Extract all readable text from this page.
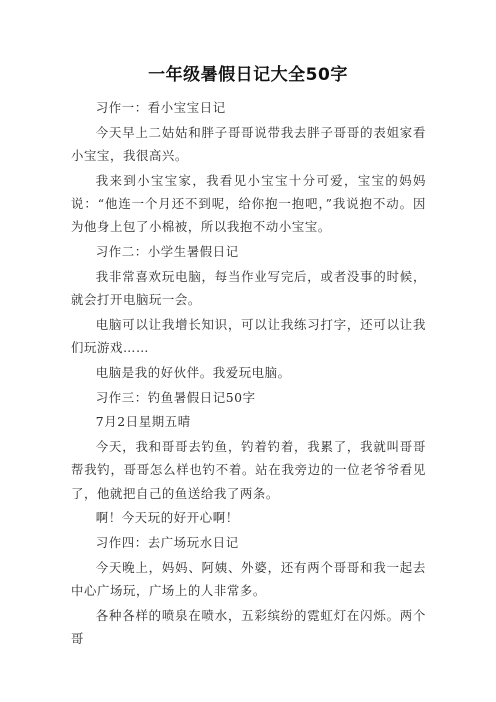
一年级暑假日记大全50字

习作一：看小宝宝日记

今天早上二姑姑和胖子哥哥说带我去胖子哥哥的表姐家看小宝宝，我很高兴。

我来到小宝宝家，我看见小宝宝十分可爱，宝宝的妈妈说：“他连一个月还不到呢，给你抱一抱吧，”我说抱不动。因为他身上包了小棉被，所以我抱不动小宝宝。

习作二：小学生暑假日记

我非常喜欢玩电脑，每当作业写完后，或者没事的时候，就会打开电脑玩一会。

电脑可以让我增长知识，可以让我练习打字，还可以让我们玩游戏……

电脑是我的好伙伴。我爱玩电脑。

习作三：钓鱼暑假日记50字

7月2日星期五晴

今天，我和哥哥去钓鱼，钓着钓着，我累了，我就叫哥哥帮我钓，哥哥怎么样也钓不着。站在我旁边的一位老爷爷看见了，他就把自己的鱼送给我了两条。

啊！今天玩的好开心啊！

习作四：去广场玩水日记

今天晚上，妈妈、阿姨、外婆，还有两个哥哥和我一起去中心广场玩，广场上的人非常多。

各种各样的喷泉在喷水，五彩缤纷的霓虹灯在闪烁。两个哥
